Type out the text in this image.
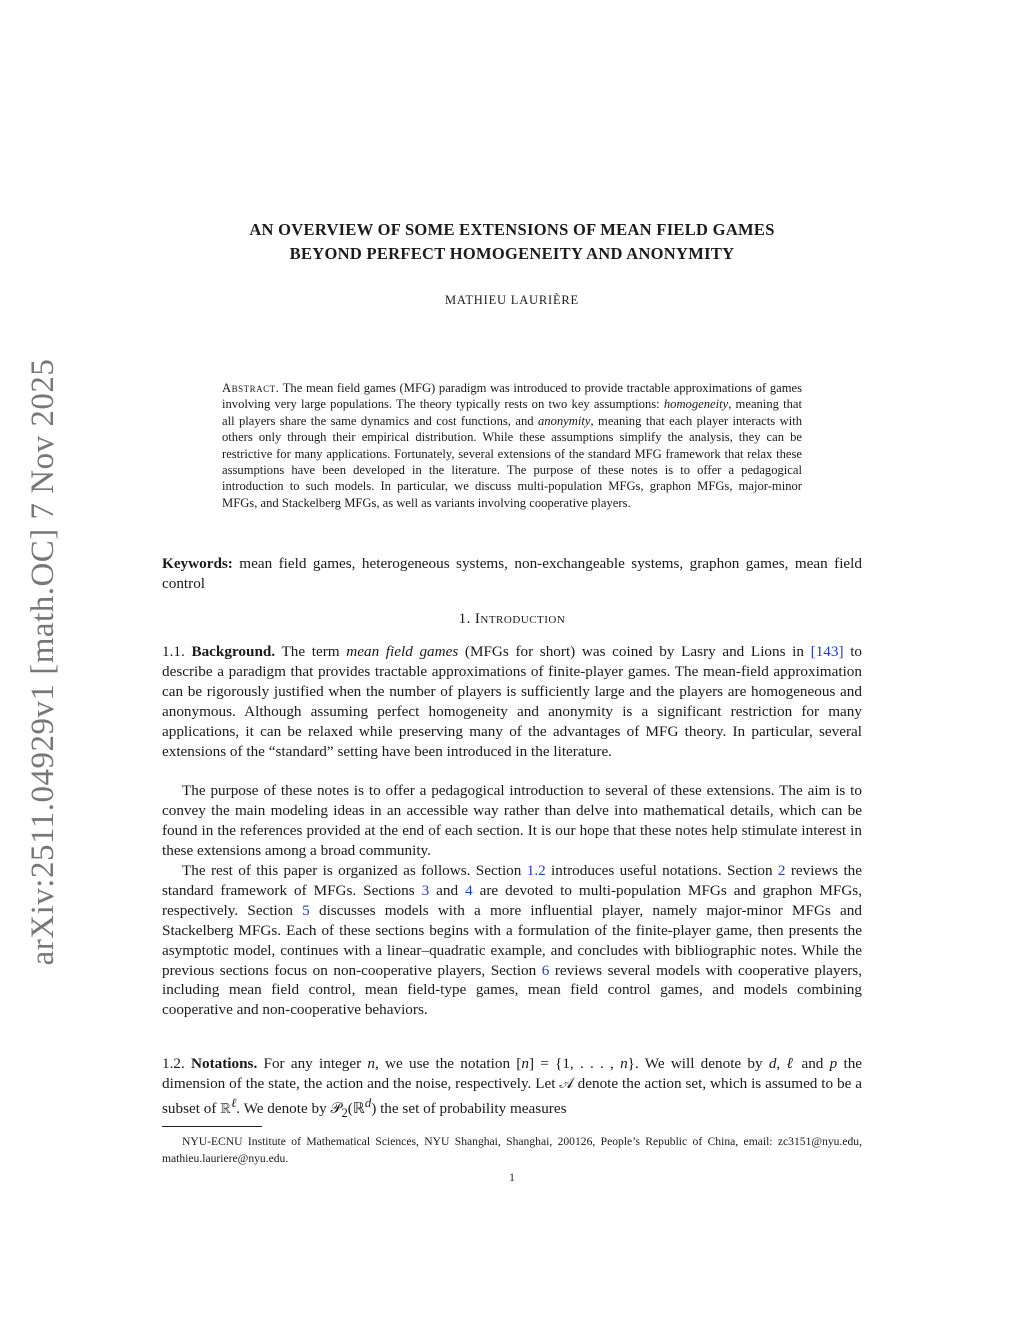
arXiv:2511.04929v1 [math.OC] 7 Nov 2025
AN OVERVIEW OF SOME EXTENSIONS OF MEAN FIELD GAMES
BEYOND PERFECT HOMOGENEITY AND ANONYMITY
MATHIEU LAURIÈRE
Abstract. The mean field games (MFG) paradigm was introduced to provide tractable approximations of games involving very large populations. The theory typically rests on two key assumptions: homogeneity, meaning that all players share the same dynamics and cost functions, and anonymity, meaning that each player interacts with others only through their empirical distribution. While these assumptions simplify the analysis, they can be restrictive for many applications. Fortunately, several extensions of the standard MFG framework that relax these assumptions have been developed in the literature. The purpose of these notes is to offer a pedagogical introduction to such models. In particular, we discuss multi-population MFGs, graphon MFGs, major-minor MFGs, and Stackelberg MFGs, as well as variants involving cooperative players.
Keywords: mean field games, heterogeneous systems, non-exchangeable systems, graphon games, mean field control
1. Introduction

1.1. Background. The term mean field games (MFGs for short) was coined by Lasry and Lions in [143] to describe a paradigm that provides tractable approximations of finite-player games. The mean-field approximation can be rigorously justified when the number of players is sufficiently large and the players are homogeneous and anonymous. Although assuming perfect homogeneity and anonymity is a significant restriction for many applications, it can be relaxed while preserving many of the advantages of MFG theory. In particular, several extensions of the “standard” setting have been introduced in the literature.

The purpose of these notes is to offer a pedagogical introduction to several of these extensions. The aim is to convey the main modeling ideas in an accessible way rather than delve into mathematical details, which can be found in the references provided at the end of each section. It is our hope that these notes help stimulate interest in these extensions among a broad community.
The rest of this paper is organized as follows. Section 1.2 introduces useful notations. Section 2 reviews the standard framework of MFGs. Sections 3 and 4 are devoted to multi-population MFGs and graphon MFGs, respectively. Section 5 discusses models with a more influential player, namely major-minor MFGs and Stackelberg MFGs. Each of these sections begins with a formulation of the finite-player game, then presents the asymptotic model, continues with a linear–quadratic example, and concludes with bibliographic notes. While the previous sections focus on non-cooperative players, Section 6 reviews several models with cooperative players, including mean field control, mean field-type games, mean field control games, and models combining cooperative and non-cooperative behaviors.

1.2. Notations. For any integer n, we use the notation [n] = {1, . . . , n}. We will denote by d, ℓ and p the dimension of the state, the action and the noise, respectively. Let 𝒜 denote the action set, which is assumed to be a subset of ℝ$^\ell$. We denote by 𝒫$_2$(ℝ$^d$) the set of probability measures

NYU-ECNU Institute of Mathematical Sciences, NYU Shanghai, Shanghai, 200126, People’s Republic of China, email: zc3151@nyu.edu, mathieu.lauriere@nyu.edu.
1
